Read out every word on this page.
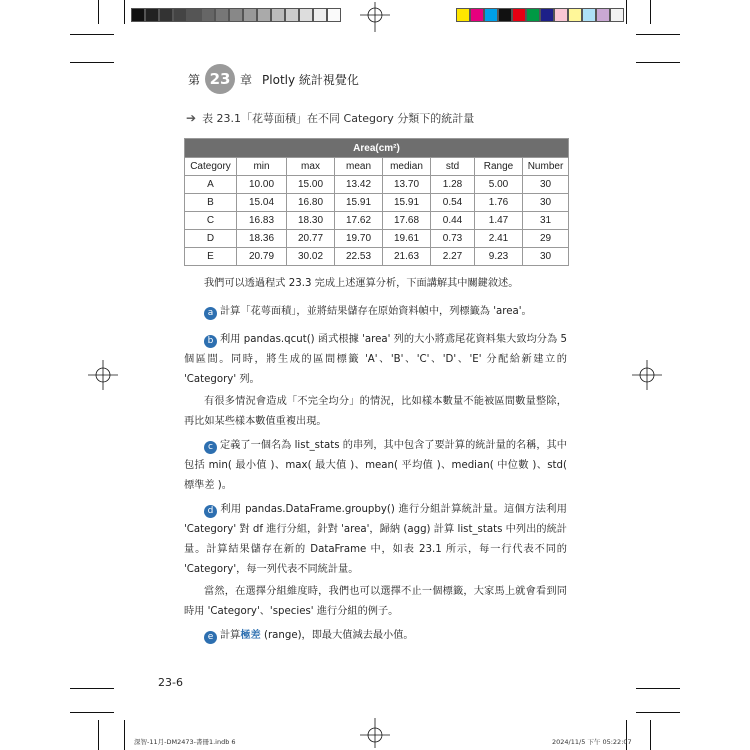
第 23 章 Plotly 統計視覺化
➔ 表 23.1「花萼面積」在不同 Category 分類下的統計量
Area(cm²)							
Category	min	max	mean	median	std	Range	Number
A	10.00	15.00	13.42	13.70	1.28	5.00	30
B	15.04	16.80	15.91	15.91	0.54	1.76	30
C	16.83	18.30	17.62	17.68	0.44	1.47	31
D	18.36	20.77	19.70	19.61	0.73	2.41	29
E	20.79	30.02	22.53	21.63	2.27	9.23	30

我們可以透過程式 23.3 完成上述運算分析，下面講解其中關鍵敘述。

a 計算「花萼面積」，並將結果儲存在原始資料幀中，列標籤為 'area'。

b 利用 pandas.qcut() 函式根據 'area' 列的大小將鳶尾花資料集大致均分為 5 個區間。同時，將生成的區間標籤 'A'、'B'、'C'、'D'、'E' 分配給新建立的 'Category' 列。

有很多情況會造成「不完全均分」的情況，比如樣本數量不能被區間數量整除，再比如某些樣本數值重複出現。

c 定義了一個名為 list_stats 的串列，其中包含了要計算的統計量的名稱，其中包括 min( 最小值 )、max( 最大值 )、mean( 平均值 )、median( 中位數 )、std( 標準差 )。

d 利用 pandas.DataFrame.groupby() 進行分組計算統計量。這個方法利用 'Category' 對 df 進行分組，針對 'area'，歸納 (agg) 計算 list_stats 中列出的統計量。計算結果儲存在新的 DataFrame 中，如表 23.1 所示，每一行代表不同的 'Category'，每一列代表不同統計量。

當然，在選擇分組維度時，我們也可以選擇不止一個標籤，大家馬上就會看到同時用 'Category'、'species' 進行分組的例子。

e 計算極差 (range)，即最大值減去最小值。

23-6
深智-11月-DM2473-書冊1.indb 6	2024/11/5 下午 05:22:07
